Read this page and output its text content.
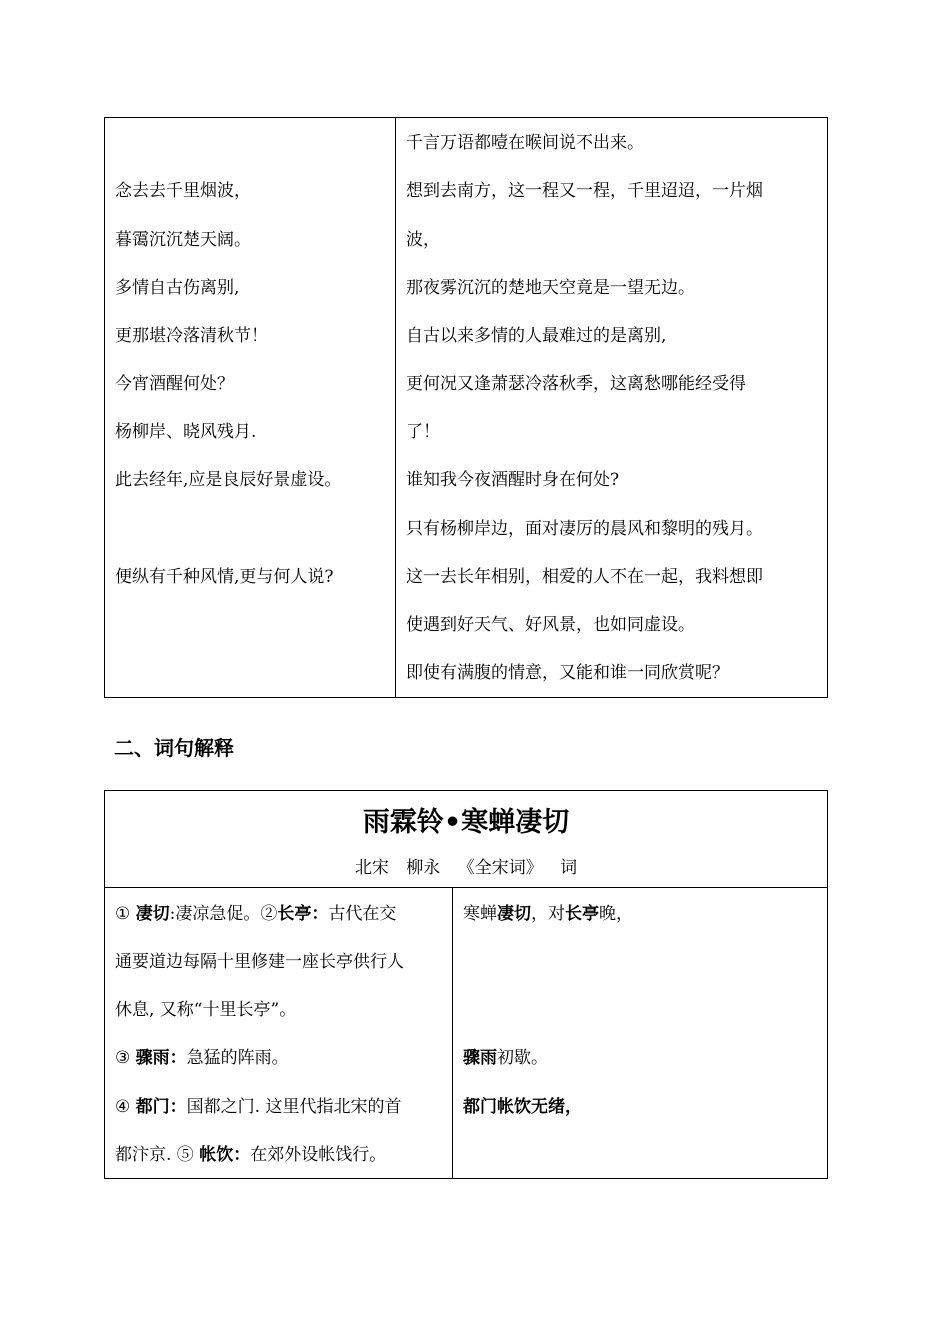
念去去千里烟波，
暮霭沉沉楚天阔。
多情自古伤离别,
更那堪冷落清秋节！
今宵酒醒何处？
杨柳岸、晓风残月.
此去经年,应是良辰好景虚设。
便纵有千种风情,更与何人说?
千言万语都噎在喉间说不出来。
想到去南方，这一程又一程，千里迢迢，一片烟
波，
那夜雾沉沉的楚地天空竟是一望无边。
自古以来多情的人最难过的是离别,
更何况又逢萧瑟冷落秋季，这离愁哪能经受得
了！
谁知我今夜酒醒时身在何处?
只有杨柳岸边，面对凄厉的晨风和黎明的残月。
这一去长年相别，相爱的人不在一起，我料想即
使遇到好天气、好风景，也如同虚设。
即使有满腹的情意，又能和谁一同欣赏呢？
二、词句解释
雨霖铃•寒蝉凄切
北宋 柳永 《全宋词》 词
① 凄切:凄凉急促。②长亭：古代在交
通要道边每隔十里修建一座长亭供行人
休息, 又称“十里长亭”。
③ 骤雨：急猛的阵雨。
④ 都门：国都之门. 这里代指北宋的首
都汴京. ⑤ 帐饮：在郊外设帐饯行。
寒蝉凄切，对长亭晚，
骤雨初歇。
都门帐饮无绪，
